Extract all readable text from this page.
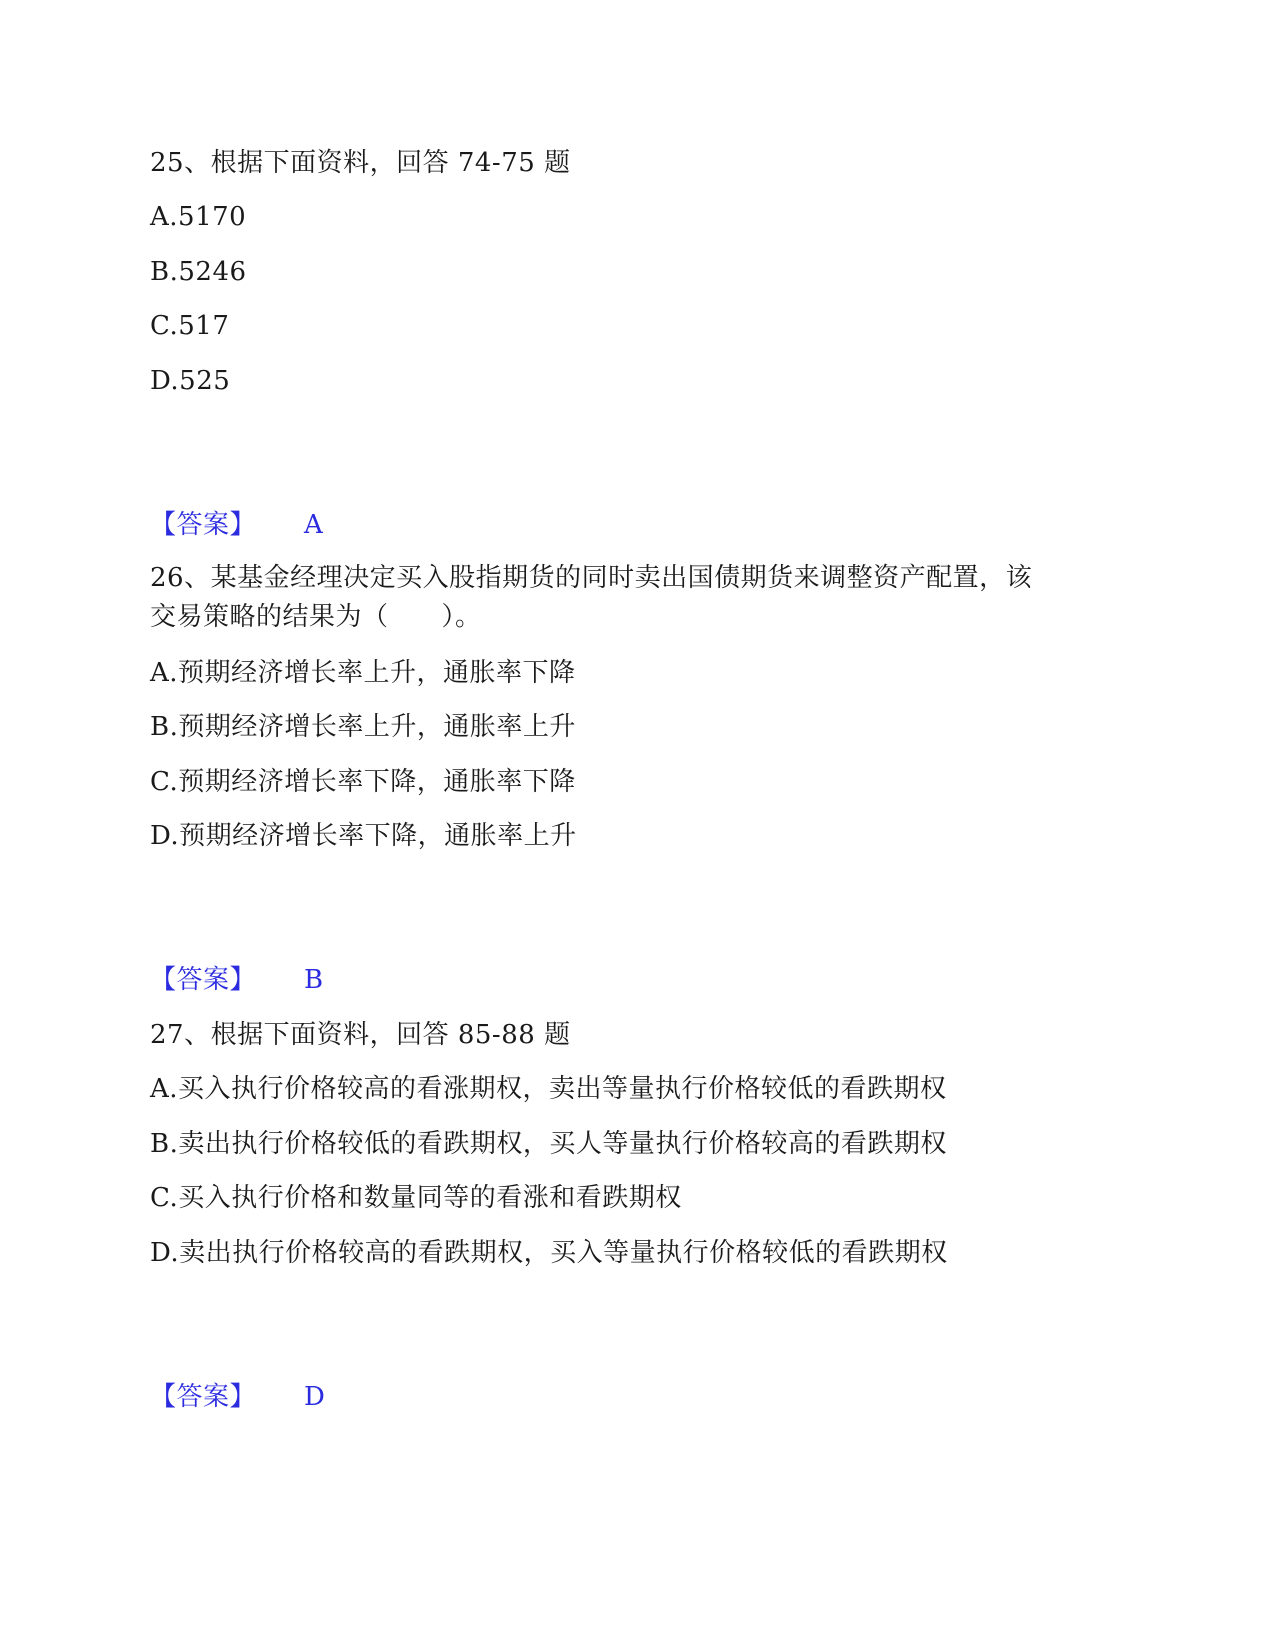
25、根据下面资料，回答 74-75 题
A.5170
B.5246
C.517
D.525
【答案】 A
26、某基金经理决定买入股指期货的同时卖出国债期货来调整资产配置，该
交易策略的结果为（　　）。
A.预期经济增长率上升，通胀率下降
B.预期经济增长率上升，通胀率上升
C.预期经济增长率下降，通胀率下降
D.预期经济增长率下降，通胀率上升
【答案】 B
27、根据下面资料，回答 85-88 题
A.买入执行价格较高的看涨期权，卖出等量执行价格较低的看跌期权
B.卖出执行价格较低的看跌期权，买人等量执行价格较高的看跌期权
C.买入执行价格和数量同等的看涨和看跌期权
D.卖出执行价格较高的看跌期权，买入等量执行价格较低的看跌期权
【答案】 D
